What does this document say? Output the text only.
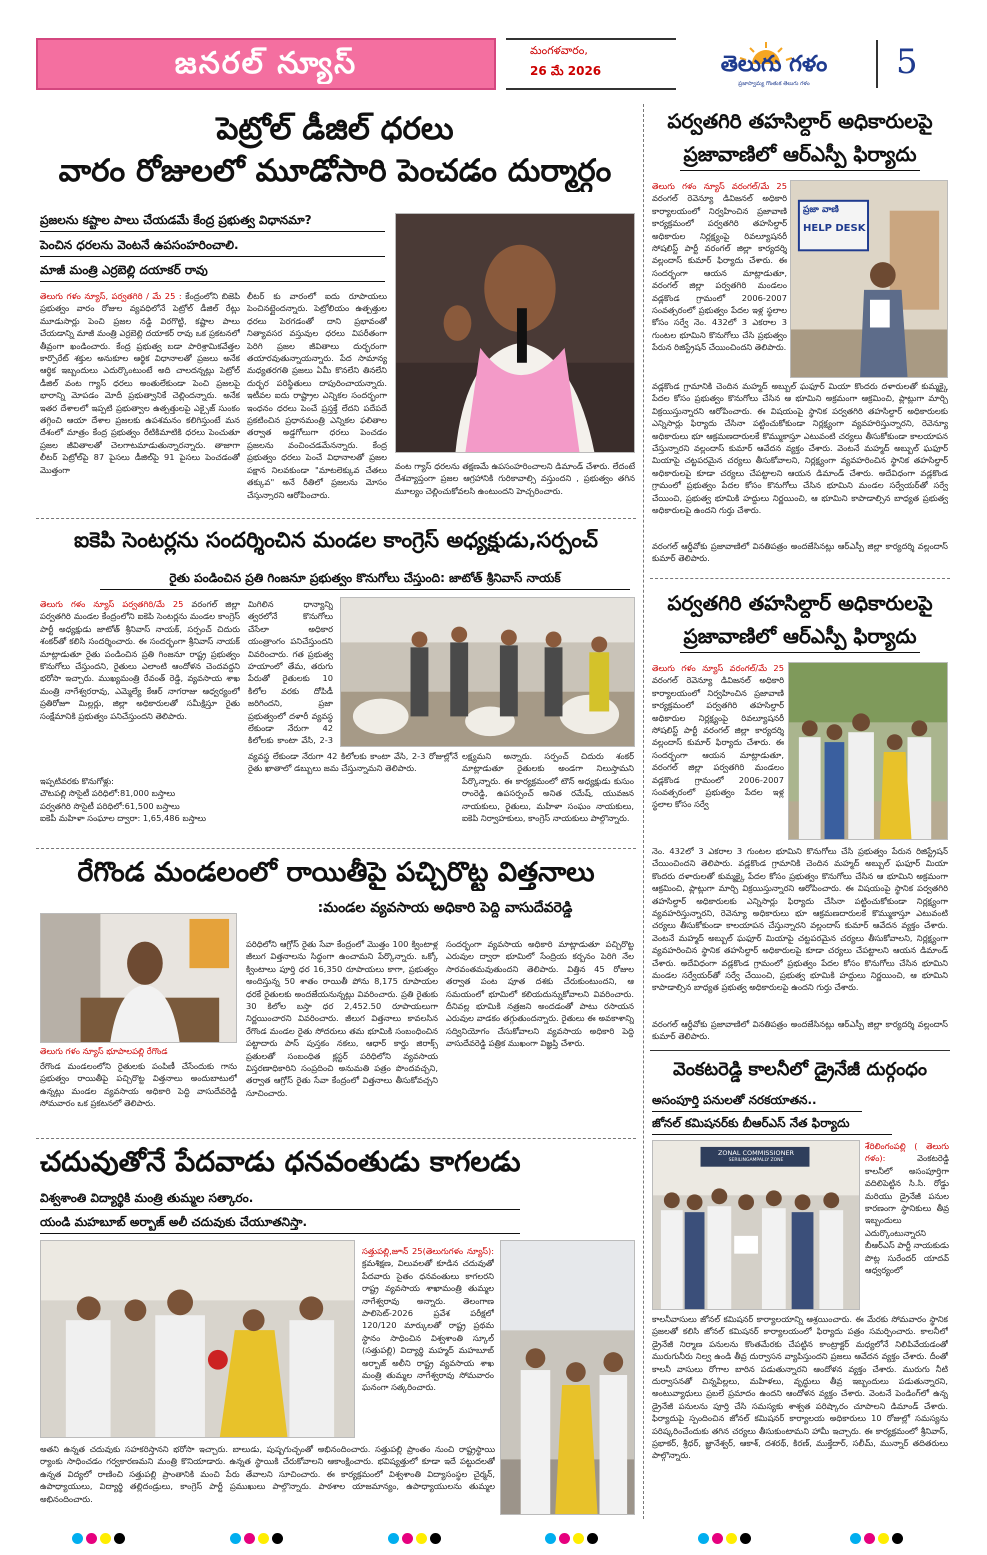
జనరల్ న్యూస్	మంగళవారం,
26 మే 2026	తెలుగు గళం
ప్రజాస్వామ్య గొంతుక తెలుగు గళం
5
పెట్రోల్ డీజిల్ ధరలు
వారం రోజులలో మూడోసారి పెంచడం దుర్మార్గం
ప్రజలను కష్టాల పాలు చేయడమే కేంద్ర ప్రభుత్వ విధానమా?
పెంచిన ధరలను వెంటనే ఉపసంహరించాలి.
మాజీ మంత్రి ఎర్రబెల్లి దయాకర్ రావు
తెలుగు గళం న్యూస్, పర్వతగిరి / మే 25 : కేంద్రంలోని బిజెపి ప్రభుత్వం వారం రోజుల వ్యవధిలోనే పెట్రోల్ డీజిల్ రేట్లు మూడుసార్లు పెంచి ప్రజల నడ్డి విరగొట్టి, కష్టాల పాలు చేయడాన్ని మాజీ మంత్రి ఎర్రబెల్లి దయాకర్ రావు ఒక ప్రకటనలో తీవ్రంగా ఖండించారు. కేంద్ర ప్రభుత్వ బడా పారిశ్రామికవేత్తల కార్పొరేట్ శక్తుల అనుకూల ఆర్థిక విధానాలతో ప్రజలు అనేక ఆర్థిక ఇబ్బందులు ఎదుర్కొంటుంటే అది చాలదన్నట్లు పెట్రోల్ డీజిల్ వంట గ్యాస్ ధరలు అంతులేకుండా పెంచి ప్రజలపై భారాన్ని మోపడం మోదీ ప్రభుత్వానికే చెల్లిందన్నారు. అనేక ఇతర దేశాలలో ఇప్పటి ప్రభుత్వాల ఉత్పత్తులపై ఎక్సైజ్ సుంకం తగ్గించి ఆయా దేశాల ప్రజలకు ఉపశమనం కలిగిస్తుంటే మన దేశంలో మాత్రం కేంద్ర ప్రభుత్వం రేటికిమాటికి ధరలు పెంచుతూ ప్రజల జీవితాలతో చెలగాటమాడుతున్నారన్నారు. తాజాగా లీటర్ పెట్రోల్‌పై 87 పైసలు డీజిల్‌పై 91 పైసలు పెంచడంతో మొత్తంగా
లీటర్ కు వారంలో ఐదు రూపాయలు పెంచినట్లైందన్నారు. పెట్రోలియం ఉత్పత్తుల ధరలు పెరగడంతో దాని ప్రభావంతో నిత్యావసర వస్తువుల ధరలు విపరీతంగా పెరిగి ప్రజల జీవితాలు దుర్భరంగా తయారవుతున్నాయన్నారు. పేద సామాన్య మధ్యతరగతి ప్రజలు ఏమీ కొనలేని తినలేని దుర్భర పరిస్థితులు దాపురించాయన్నారు. ఇటీవల ఐదు రాష్ట్రాల ఎన్నికల సందర్భంగా ఇంధనం ధరలు పెంచే ప్రస్తక్తే లేదని పదేపదే ప్రకటించిన ప్రధానమంత్రి ఎన్నికల ఫలితాల తర్వాత అడ్డగోలుగా ధరలు పెంచడం ప్రజలను వంచించడమేనన్నారు. కేంద్ర ప్రభుత్వం ధరలు పెంచే విధానాలతో ప్రజల పక్షాన నిలవకుండా "మాటలెక్కువ చేతలు తక్కువ" అనే రీతిలో ప్రజలను మోసం చేస్తున్నారని ఆరోపించారు.
వంట గ్యాస్ ధరలను తక్షణమే ఉపసంహరించాలని డిమాండ్ చేశారు. లేదంటే దేశవ్యాప్తంగా ప్రజల ఆగ్రహానికి గురికావాల్సి వస్తుందని , ప్రభుత్వం తగిన మూల్యం చెల్లించుకోవలసి ఉంటుందని హెచ్చరించారు.
ఐకెపి సెంటర్లను సందర్శించిన మండల కాంగ్రెస్ అధ్యక్షుడు,సర్పంచ్
రైతు పండించిన ప్రతి గింజనూ ప్రభుత్వం కొనుగోలు చేస్తుంది: జాటోత్ శ్రీనివాస్ నాయక్
తెలుగు గళం న్యూస్ పర్వతగిరి/మే 25 వరంగల్ జిల్లా పర్వతగిరి మండల కేంద్రంలోని ఐకెపి సెంటర్లను మండల కాంగ్రెస్ పార్టీ అధ్యక్షుడు జాటోత్ శ్రీనివాస్ నాయక్, సర్పంచ్ చిదురు శంకర్‌తో కలిసి సందర్శించారు. ఈ సందర్భంగా శ్రీనివాస్ నాయక్ మాట్లాడుతూ రైతు పండించిన ప్రతి గింజనూ రాష్ట్ర ప్రభుత్వం కొనుగోలు చేస్తుందని, రైతులు ఎలాంటి ఆందోళన చెందవద్దని భరోసా ఇచ్చారు. ముఖ్యమంత్రి రేవంత్ రెడ్డి, వ్యవసాయ శాఖ మంత్రి నాగేశ్వరరావు, ఎమ్మెల్యే కేఆర్ నాగరాజు ఆధ్వర్యంలో ప్రతిరోజూ మిల్లర్లు, జిల్లా అధికారులతో సమీక్షిస్తూ రైతు సంక్షేమానికి ప్రభుత్వం పనిచేస్తుందని తెలిపారు.
ఇప్పటివరకు కొనుగోళ్లు:
చౌటపల్లి సొసైటీ పరిధిలో:81,000 బస్తాలు
పర్వతగిరి సొసైటీ పరిధిలో:61,500 బస్తాలు
ఐకెపీ మహిళా సంఘాల ద్వారా: 1,65,486 బస్తాలు
మిగిలిన ధాన్యాన్ని త్వరలోనే కొనుగోలు చేసేలా అధికార యంత్రాంగం పనిచేస్తుందని వివరించారు. గత ప్రభుత్వ హయాంలో తేమ, తరుగు పేరుతో రైతులకు 10 కిలోల వరకు దోపిడీ జరిగిందని, ప్రజా ప్రభుత్వంలో దళారీ వ్యవస్థ లేకుండా నేరుగా 42 కిలోలకు కాంటా వేసి, 2-3
వ్యవస్థ లేకుండా నేరుగా 42 కిలోలకు కాంటా వేసి, 2-3 రోజుల్లోనే రైతు ఖాతాలో డబ్బులు జమ చేస్తున్నామని తెలిపారు.
లక్ష్యమని అన్నారు. సర్పంచ్ చిదురు శంకర్ మాట్లాడుతూ రైతులకు అండగా నిలుస్తామని పేర్కొన్నారు. ఈ కార్యక్రమంలో టౌన్ అధ్యక్షుడు కుసుం రాంరెడ్డి, ఉపసర్పంచ్ అనిత రమేష్, యువజన నాయకులు, రైతులు, మహిళా సంఘం నాయకులు, ఐకెపి నిర్వాహకులు, కాంగ్రెస్ నాయకులు పాల్గొన్నారు.
రేగొండ మండలంలో రాయితీపై పచ్చిరొట్ట విత్తనాలు
:మండల వ్యవసాయ అధికారి పెద్ది వాసుదేవరెడ్డి
తెలుగు గళం న్యూస్ భూపాలపల్లి రేగొండ
రేగొండ మండలంలోని రైతులకు పంపిణీ చేసేందుకు గాను ప్రభుత్వం రాయితీపై పచ్చిరొట్ట విత్తనాలు అందుబాటులో ఉన్నట్లు మండల వ్యవసాయ అధికారి పెద్ది వాసుదేవరెడ్డి సోమవారం ఒక ప్రకటనలో తెలిపారు.
పరిధిలోని ఆగ్రోస్ రైతు సేవా కేంద్రంలో మొత్తం 100 క్వింటాళ్ల జీలుగ విత్తనాలను సిద్ధంగా ఉంచామని పేర్కొన్నారు. ఒక్కో క్వింటాలు పూర్తి ధర 16,350 రూపాయలు కాగా, ప్రభుత్వం అందిస్తున్న 50 శాతం రాయితీ పోను 8,175 రూపాయల ధరకే రైతులకు అందజేయనున్నట్లు వివరించారు. ప్రతి రైతుకు 30 కిలోల బస్తా ధర 2,452.50 రూపాయలుగా నిర్ణయించారని వివరించారు. జీలుగ విత్తనాలు కావలసిన రేగొండ మండల రైతు సోదరులు తమ భూమికి సంబంధించిన పట్టాదారు పాస్ పుస్తకం నకలు, ఆధార్ కార్డు జిరాక్స్ ప్రతులతో సంబంధిత క్లస్టర్ పరిధిలోని వ్యవసాయ విస్తరణాధికారిని సంప్రదించి అనుమతి పత్రం పొందవచ్చని, తర్వాత ఆగ్రోస్ రైతు సేవా కేంద్రంలో విత్తనాలు తీసుకోవచ్చని సూచించారు.
సందర్భంగా వ్యవసాయ అధికారి మాట్లాడుతూ పచ్చిరొట్ట ఎరువుల ద్వారా భూమిలో సేంద్రియ కర్బనం పెరిగి నేల సారవంతమవుతుందని తెలిపారు. విత్తిన 45 రోజుల తర్వాత పంట పూత దశకు చేరుకుంటుందని, ఆ సమయంలో భూమిలో కలియదున్నుకోవాలని వివరించారు. దీనివల్ల భూమికి నత్రజని అందడంతో పాటు రసాయన ఎరువుల వాడకం తగ్గుతుందన్నారు. రైతులు ఈ అవకాశాన్ని సద్వినియోగం చేసుకోవాలని వ్యవసాయ అధికారి పెద్ది వాసుదేవరెడ్డి పత్రిక ముఖంగా విజ్ఞప్తి చేశారు.
చదువుతోనే పేదవాడు ధనవంతుడు కాగలడు
విశ్వశాంతి విద్యార్థికి మంత్రి తుమ్మల సత్కారం.
యండి మహబూబ్ అర్బాజ్ అలీ చదువుకు చేయూతనిస్తా.
సత్తుపల్లి,జూన్ 25(తెలుగుగళం న్యూస్): క్రమశిక్షణ, విలువలతో కూడిన చదువుతో పేదవారు సైతం ధనవంతులు కాగలరని రాష్ట్ర వ్యవసాయ శాఖామంత్రి తుమ్మల నాగేశ్వరావు అన్నారు. తెలంగాణ పాలిసెట్-2026 ప్రవేశ పరీక్షలో 120/120 మార్కులతో రాష్ట్ర ప్రథమ స్థానం సాధించిన విశ్వశాంతి స్కూల్ (సత్తుపల్లి) విద్యార్థి మహ్మద్ మహబూబ్ అర్బాజ్ అలీని రాష్ట్ర వ్యవసాయ శాఖ మంత్రి తుమ్మల నాగేశ్వరావు సోమవారం ఘనంగా సత్కరించారు.
అతని ఉన్నత చదువుకు సహకరిస్తానని భరోసా ఇచ్చారు. బాలుడు, పుష్పగుచ్ఛంతో అభినందించారు. సత్తుపల్లి ప్రాంతం నుంచి రాష్ట్రస్థాయి ర్యాంకు సాధించడం గర్వకారణమని మంత్రి కొనియాడారు. ఉన్నత స్థాయికి చేరుకోవాలని ఆకాంక్షించారు. భవిష్యత్తులో కూడా ఇదే పట్టుదలతో ఉన్నత విద్యలో రాణించి సత్తుపల్లి ప్రాంతానికి మంచి పేరు తేవాలని సూచించారు. ఈ కార్యక్రమంలో విశ్వశాంతి విద్యాసంస్థల చైర్మన్, ఉపాధ్యాయులు, విద్యార్థి తల్లిదండ్రులు, కాంగ్రెస్ పార్టీ ప్రముఖులు పాల్గొన్నారు. పాఠశాల యాజమాన్యం, ఉపాధ్యాయులను తుమ్మల అభినందించారు.
పర్వతగిరి తహసిల్దార్ అధికారులపై
ప్రజావాణిలో ఆర్ఎస్పీ ఫిర్యాదు
తెలుగు గళం న్యూస్ వరంగల్/మే 25 వరంగల్ రెవెన్యూ డివిజనల్ అధికారి కార్యాలయంలో నిర్వహించిన ప్రజావాణి కార్యక్రమంలో పర్వతగిరి తహసిల్దార్ అధికారుల నిర్లక్ష్యంపై రివల్యూషనరీ సోషలిస్ట్ పార్టీ వరంగల్ జిల్లా కార్యదర్శి వల్లందాస్ కుమార్ ఫిర్యాదు చేశారు. ఈ సందర్భంగా ఆయన మాట్లాడుతూ, వరంగల్ జిల్లా పర్వతగిరి మండలం వడ్లకొండ గ్రామంలో 2006-2007 సంవత్సరంలో ప్రభుత్వం పేదల ఇళ్ల స్థలాల కోసం సర్వే నెం. 432లో 3 ఎకరాల 3 గుంటల భూమిని కొనుగోలు చేసి ప్రభుత్వం పేరున రిజిస్ట్రేషన్ చేయించిందని తెలిపారు.
ప్రజా వాణి
HELP DESK
వడ్లకొండ గ్రామానికి చెందిన మహ్మద్ అబ్బుల్ ఘఫూర్ మియా కొందరు దళారులతో కుమ్మక్కై పేదల కోసం ప్రభుత్వం కొనుగోలు చేసిన ఆ భూమిని అక్రమంగా ఆక్రమించి, ప్లాట్లుగా మార్చి విక్రయిస్తున్నారని ఆరోపించారు. ఈ విషయంపై స్థానిక పర్వతగిరి తహసిల్దార్ అధికారులకు ఎన్నిసార్లు ఫిర్యాదు చేసినా పట్టించుకోకుండా నిర్లక్ష్యంగా వ్యవహరిస్తున్నారని, రెవెన్యూ అధికారులు భూ ఆక్రమణదారులకే కొమ్ముకాస్తూ ఎటువంటి చర్యలు తీసుకోకుండా కాలయాపన చేస్తున్నారని వల్లందాస్ కుమార్ ఆవేదన వ్యక్తం చేశారు. వెంటనే మహ్మద్ అబ్బుల్ ఘఫూర్ మియాపై చట్టపరమైన చర్యలు తీసుకోవాలని, నిర్లక్ష్యంగా వ్యవహరించిన స్థానిక తహసిల్దార్ అధికారులపై కూడా చర్యలు చేపట్టాలని ఆయన డిమాండ్ చేశారు. అదేవిధంగా వడ్లకొండ గ్రామంలో ప్రభుత్వం పేదల కోసం కొనుగోలు చేసిన భూమిని మండల సర్వేయర్‌తో సర్వే చేయించి, ప్రభుత్వ భూమికి హద్దులు నిర్ణయించి, ఆ భూమిని కాపాడాల్సిన బాధ్యత ప్రభుత్వ అధికారులపై ఉందని గుర్తు చేశారు.
వరంగల్ ఆర్డీవోకు ప్రజావాణిలో వినతిపత్రం అందజేసినట్లు ఆర్ఎస్పీ జిల్లా కార్యదర్శి వల్లందాస్ కుమార్ తెలిపారు.
పర్వతగిరి తహసిల్దార్ అధికారులపై
ప్రజావాణిలో ఆర్ఎస్పీ ఫిర్యాదు
తెలుగు గళం న్యూస్ వరంగల్/మే 25 వరంగల్ రెవెన్యూ డివిజనల్ అధికారి కార్యాలయంలో నిర్వహించిన ప్రజావాణి కార్యక్రమంలో పర్వతగిరి తహసిల్దార్ అధికారుల నిర్లక్ష్యంపై రివల్యూషనరీ సోషలిస్ట్ పార్టీ వరంగల్ జిల్లా కార్యదర్శి వల్లందాస్ కుమార్ ఫిర్యాదు చేశారు. ఈ సందర్భంగా ఆయన మాట్లాడుతూ, వరంగల్ జిల్లా పర్వతగిరి మండలం వడ్లకొండ గ్రామంలో 2006-2007 సంవత్సరంలో ప్రభుత్వం పేదల ఇళ్ల స్థలాల కోసం సర్వే
నెం. 432లో 3 ఎకరాల 3 గుంటల భూమిని కొనుగోలు చేసి ప్రభుత్వం పేరున రిజిస్ట్రేషన్ చేయించిందని తెలిపారు. వడ్లకొండ గ్రామానికి చెందిన మహ్మద్ అబ్బుల్ ఘఫూర్ మియా కొందరు దళారులతో కుమ్మక్కై పేదల కోసం ప్రభుత్వం కొనుగోలు చేసిన ఆ భూమిని అక్రమంగా ఆక్రమించి, ప్లాట్లుగా మార్చి విక్రయిస్తున్నారని ఆరోపించారు. ఈ విషయంపై స్థానిక పర్వతగిరి తహసిల్దార్ అధికారులకు ఎన్నిసార్లు ఫిర్యాదు చేసినా పట్టించుకోకుండా నిర్లక్ష్యంగా వ్యవహరిస్తున్నారని, రెవెన్యూ అధికారులు భూ ఆక్రమణదారులకే కొమ్ముకాస్తూ ఎటువంటి చర్యలు తీసుకోకుండా కాలయాపన చేస్తున్నారని వల్లందాస్ కుమార్ ఆవేదన వ్యక్తం చేశారు. వెంటనే మహ్మద్ అబ్బుల్ ఘఫూర్ మియాపై చట్టపరమైన చర్యలు తీసుకోవాలని, నిర్లక్ష్యంగా వ్యవహరించిన స్థానిక తహసిల్దార్ అధికారులపై కూడా చర్యలు చేపట్టాలని ఆయన డిమాండ్ చేశారు. అదేవిధంగా వడ్లకొండ గ్రామంలో ప్రభుత్వం పేదల కోసం కొనుగోలు చేసిన భూమిని మండల సర్వేయర్‌తో సర్వే చేయించి, ప్రభుత్వ భూమికి హద్దులు నిర్ణయించి, ఆ భూమిని కాపాడాల్సిన బాధ్యత ప్రభుత్వ అధికారులపై ఉందని గుర్తు చేశారు.
వరంగల్ ఆర్డీవోకు ప్రజావాణిలో వినతిపత్రం అందజేసినట్లు ఆర్ఎస్పీ జిల్లా కార్యదర్శి వల్లందాస్ కుమార్ తెలిపారు.
వెంకటరెడ్డి కాలనీలో డ్రైనేజీ దుర్గంధం
అసంపూర్తి పనులతో నరకయాతన..
జోనల్ కమిషనర్‌కు బీఆర్ఎస్ నేత ఫిర్యాదు
ZONAL COMMISSIONER
SERILINGAMPALLY ZONE
శేరిలింగంపల్లి ( తెలుగు గళం):	వెంకటరెడ్డి కాలనీలో అసంపూర్తిగా వదిలిపెట్టిన సి.సి. రోడ్డు మరియు డ్రైనేజీ పనుల కారణంగా స్థానికులు తీవ్ర ఇబ్బందులు ఎదుర్కొంటున్నారని బీఆర్ఎస్ పార్టీ నాయకుడు పొట్ల సురేందర్ యాదవ్ ఆధ్వర్యంలో
కాలనీవాసులు జోనల్ కమిషనర్ కార్యాలయాన్ని ఆశ్రయించారు. ఈ మేరకు సోమవారం స్థానిక ప్రజలతో కలిసి జోనల్ కమిషనర్ కార్యాలయంలో ఫిర్యాదు పత్రం సమర్పించారు. కాలనీలో డ్రైనేజీ నిర్మాణ పనులను కొంతమేరకు చేపట్టిన కాంట్రాక్టర్ మధ్యలోనే నిలిపివేయడంతో మురుగునీరు నిల్వ ఉండి తీవ్ర దుర్వాసన వ్యాపిస్తుందని ప్రజలు ఆవేదన వ్యక్తం చేశారు. దీంతో కాలనీ వాసులు రోగాల బారిన పడుతున్నారని ఆందోళన వ్యక్తం చేశారు. మురుగు నీటి దుర్వాసనతో చిన్నపిల్లలు, మహిళలు, వృద్ధులు తీవ్ర ఇబ్బందులు పడుతున్నారని, అంటువ్యాధులు ప్రబలే ప్రమాదం ఉందని ఆందోళన వ్యక్తం చేశారు. వెంటనే పెండింగ్‌లో ఉన్న డ్రైనేజీ పనులను పూర్తి చేసి సమస్యకు శాశ్వత పరిష్కారం చూపాలని డిమాండ్ చేశారు. ఫిర్యాదుపై స్పందించిన జోనల్ కమిషనర్ కార్యాలయ అధికారులు 10 రోజుల్లో సమస్యను పరిష్కరించేందుకు తగిన చర్యలు తీసుకుంటామని హామీ ఇచ్చారు. ఈ కార్యక్రమంలో శ్రీనివాస్, ప్రభాకర్, శ్రీధర్, జ్ఞానేశ్వర్, ఆకాశ్, దశరథ్, కిరణ్, ముక్తేదార్, సలీమ్, మున్నార్ తదితరులు పాల్గొన్నారు.
